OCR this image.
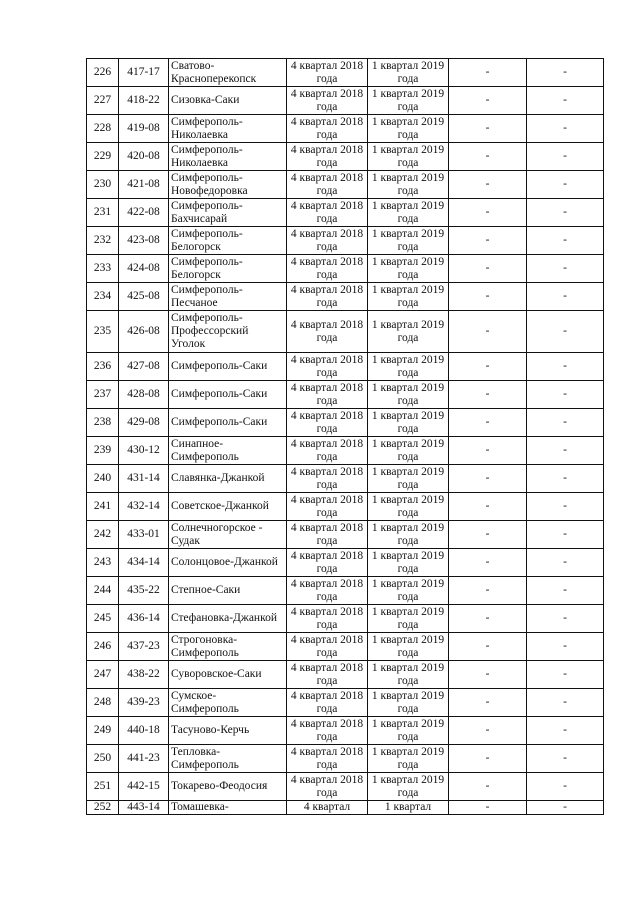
226	417-17	Сватово-Красноперекопск	4 квартал 2018 года	1 квартал 2019 года	-	-
227	418-22	Сизовка-Саки	4 квартал 2018 года	1 квартал 2019 года	-	-
228	419-08	Симферополь-Николаевка	4 квартал 2018 года	1 квартал 2019 года	-	-
229	420-08	Симферополь-Николаевка	4 квартал 2018 года	1 квартал 2019 года	-	-
230	421-08	Симферополь-Новофедоровка	4 квартал 2018 года	1 квартал 2019 года	-	-
231	422-08	Симферополь-Бахчисарай	4 квартал 2018 года	1 квартал 2019 года	-	-
232	423-08	Симферополь-Белогорск	4 квартал 2018 года	1 квартал 2019 года	-	-
233	424-08	Симферополь-Белогорск	4 квартал 2018 года	1 квартал 2019 года	-	-
234	425-08	Симферополь-Песчаное	4 квартал 2018 года	1 квартал 2019 года	-	-
235	426-08	Симферополь-Профессорский Уголок	4 квартал 2018 года	1 квартал 2019 года	-	-
236	427-08	Симферополь-Саки	4 квартал 2018 года	1 квартал 2019 года	-	-
237	428-08	Симферополь-Саки	4 квартал 2018 года	1 квартал 2019 года	-	-
238	429-08	Симферополь-Саки	4 квартал 2018 года	1 квартал 2019 года	-	-
239	430-12	Синапное-Симферополь	4 квартал 2018 года	1 квартал 2019 года	-	-
240	431-14	Славянка-Джанкой	4 квартал 2018 года	1 квартал 2019 года	-	-
241	432-14	Советское-Джанкой	4 квартал 2018 года	1 квартал 2019 года	-	-
242	433-01	Солнечногорское - Судак	4 квартал 2018 года	1 квартал 2019 года	-	-
243	434-14	Солонцовое-Джанкой	4 квартал 2018 года	1 квартал 2019 года	-	-
244	435-22	Степное-Саки	4 квартал 2018 года	1 квартал 2019 года	-	-
245	436-14	Стефановка-Джанкой	4 квартал 2018 года	1 квартал 2019 года	-	-
246	437-23	Строгоновка-Симферополь	4 квартал 2018 года	1 квартал 2019 года	-	-
247	438-22	Суворовское-Саки	4 квартал 2018 года	1 квартал 2019 года	-	-
248	439-23	Сумское-Симферополь	4 квартал 2018 года	1 квартал 2019 года	-	-
249	440-18	Тасуново-Керчь	4 квартал 2018 года	1 квартал 2019 года	-	-
250	441-23	Тепловка-Симферополь	4 квартал 2018 года	1 квартал 2019 года	-	-
251	442-15	Токарево-Феодосия	4 квартал 2018 года	1 квартал 2019 года	-	-
252	443-14	Томашевка-	4 квартал	1 квартал	-	-
